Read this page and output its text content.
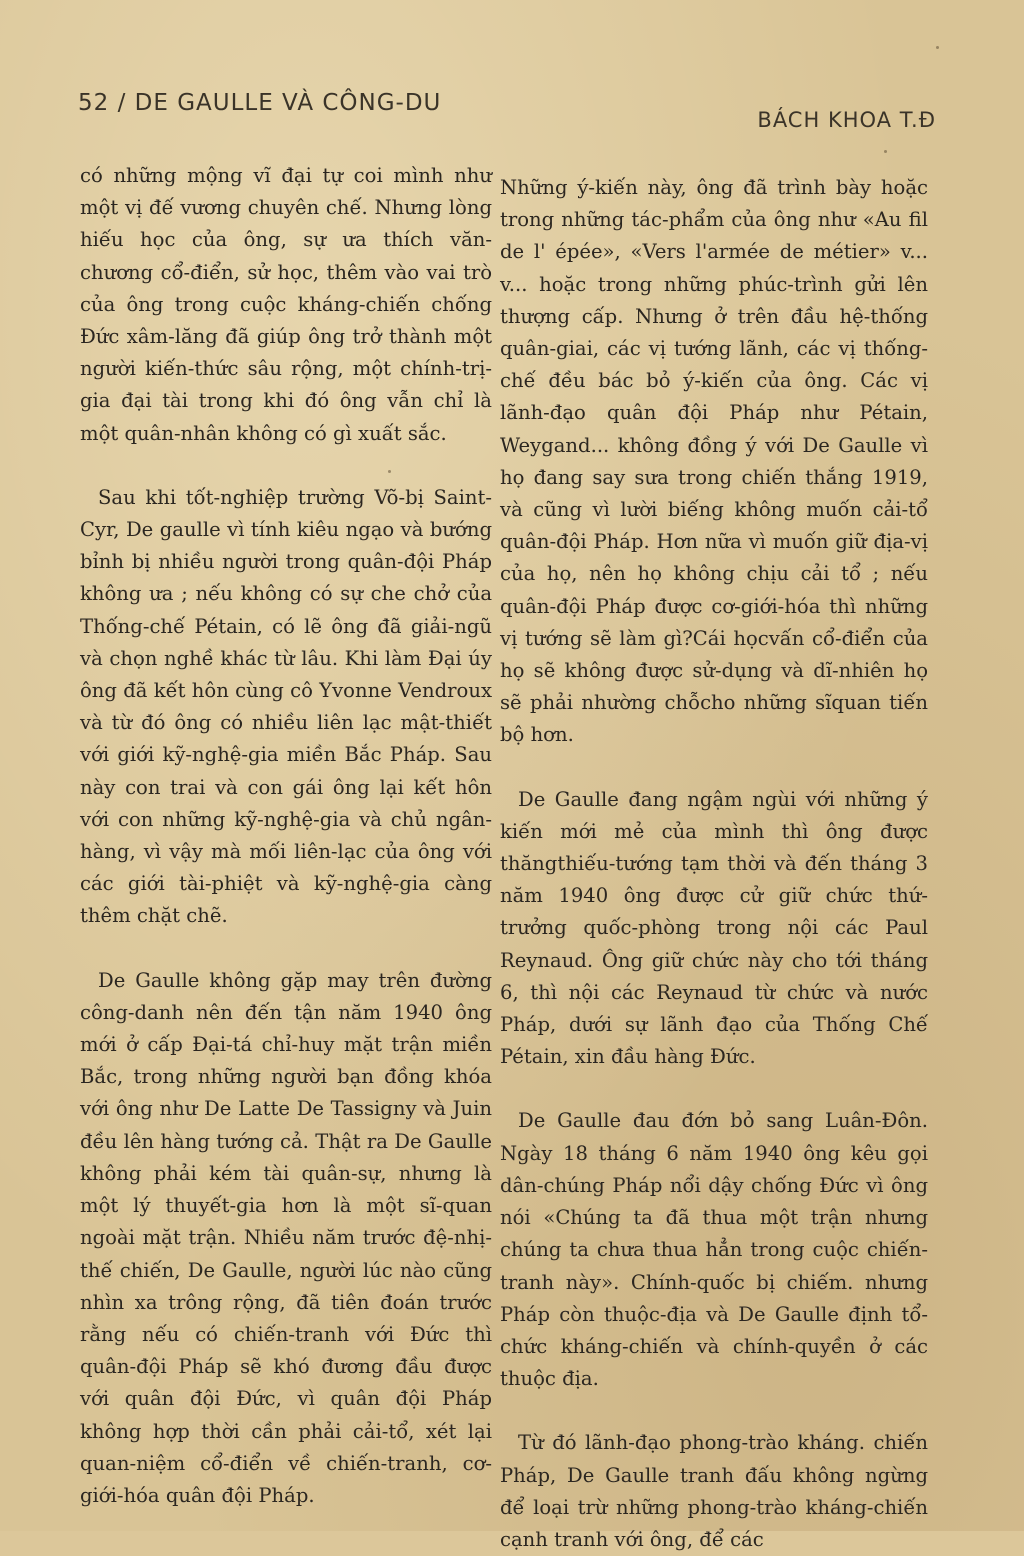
52 / DE GAULLE VÀ CÔNG-DU
BÁCH KHOA T.Đ

có những mộng vĩ đại tự coi mình như một vị đế vương chuyên chế. Nhưng lòng hiếu học của ông, sự ưa thích văn-chương cổ-điển, sử học, thêm vào vai trò của ông trong cuộc kháng-chiến chống Đức xâm-lăng đã giúp ông trở thành một người kiến-thức sâu rộng, một chính-trị-gia đại tài trong khi đó ông vẫn chỉ là một quân-nhân không có gì xuất sắc.

Sau khi tốt-nghiệp trường Võ-bị Saint-Cyr, De gaulle vì tính kiêu ngạo và bướng bỉnh bị nhiều người trong quân-đội Pháp không ưa ; nếu không có sự che chở của Thống-chế Pétain, có lẽ ông đã giải-ngũ và chọn nghề khác từ lâu. Khi làm Đại úy ông đã kết hôn cùng cô Yvonne Vendroux và từ đó ông có nhiều liên lạc mật-thiết với giới kỹ-nghệ-gia miền Bắc Pháp. Sau này con trai và con gái ông lại kết hôn với con những kỹ-nghệ-gia và chủ ngân-hàng, vì vậy mà mối liên-lạc của ông với các giới tài-phiệt và kỹ-nghệ-gia càng thêm chặt chẽ.

De Gaulle không gặp may trên đường công-danh nên đến tận năm 1940 ông mới ở cấp Đại-tá chỉ-huy mặt trận miền Bắc, trong những người bạn đồng khóa với ông như De Latte De Tassigny và Juin đều lên hàng tướng cả. Thật ra De Gaulle không phải kém tài quân-sự, nhưng là một lý thuyết-gia hơn là một sĩ-quan ngoài mặt trận. Nhiều năm trước đệ-nhị-thế chiến, De Gaulle, người lúc nào cũng nhìn xa trông rộng, đã tiên đoán trước rằng nếu có chiến-tranh với Đức thì quân-đội Pháp sẽ khó đương đầu được với quân đội Đức, vì quân đội Pháp không hợp thời cần phải cải-tổ, xét lại quan-niệm cổ-điển về chiến-tranh, cơ-giới-hóa quân đội Pháp.

Những ý-kiến này, ông đã trình bày hoặc trong những tác-phẩm của ông như «Au fil de l' épée», «Vers l'armée de métier» v... v... hoặc trong những phúc-trình gửi lên thượng cấp. Nhưng ở trên đầu hệ-thống quân-giai, các vị tướng lãnh, các vị thống-chế đều bác bỏ ý-kiến của ông. Các vị lãnh-đạo quân đội Pháp như Pétain, Weygand... không đồng ý với De Gaulle vì họ đang say sưa trong chiến thắng 1919, và cũng vì lười biếng không muốn cải-tổ quân-đội Pháp. Hơn nữa vì muốn giữ địa-vị của họ, nên họ không chịu cải tổ ; nếu quân-đội Pháp được cơ-giới-hóa thì những vị tướng sẽ làm gì?Cái họcvấn cổ-điển của họ sẽ không được sử-dụng và dĩ-nhiên họ sẽ phải nhường chỗcho những sĩquan tiến bộ hơn.

De Gaulle đang ngậm ngùi với những ý kiến mới mẻ của mình thì ông được thăngthiếu-tướng tạm thời và đến tháng 3 năm 1940 ông được cử giữ chức thứ-trưởng quốc-phòng trong nội các Paul Reynaud. Ông giữ chức này cho tới tháng 6, thì nội các Reynaud từ chức và nước Pháp, dưới sự lãnh đạo của Thống Chế Pétain, xin đầu hàng Đức.

De Gaulle đau đớn bỏ sang Luân-Đôn. Ngày 18 tháng 6 năm 1940 ông kêu gọi dân-chúng Pháp nổi dậy chống Đức vì ông nói «Chúng ta đã thua một trận nhưng chúng ta chưa thua hẳn trong cuộc chiến-tranh này». Chính-quốc bị chiếm. nhưng Pháp còn thuộc-địa và De Gaulle định tổ-chức kháng-chiến và chính-quyền ở các thuộc địa.

Từ đó lãnh-đạo phong-trào kháng. chiến Pháp, De Gaulle tranh đấu không ngừng để loại trừ những phong-trào kháng-chiến cạnh tranh với ông, để các
